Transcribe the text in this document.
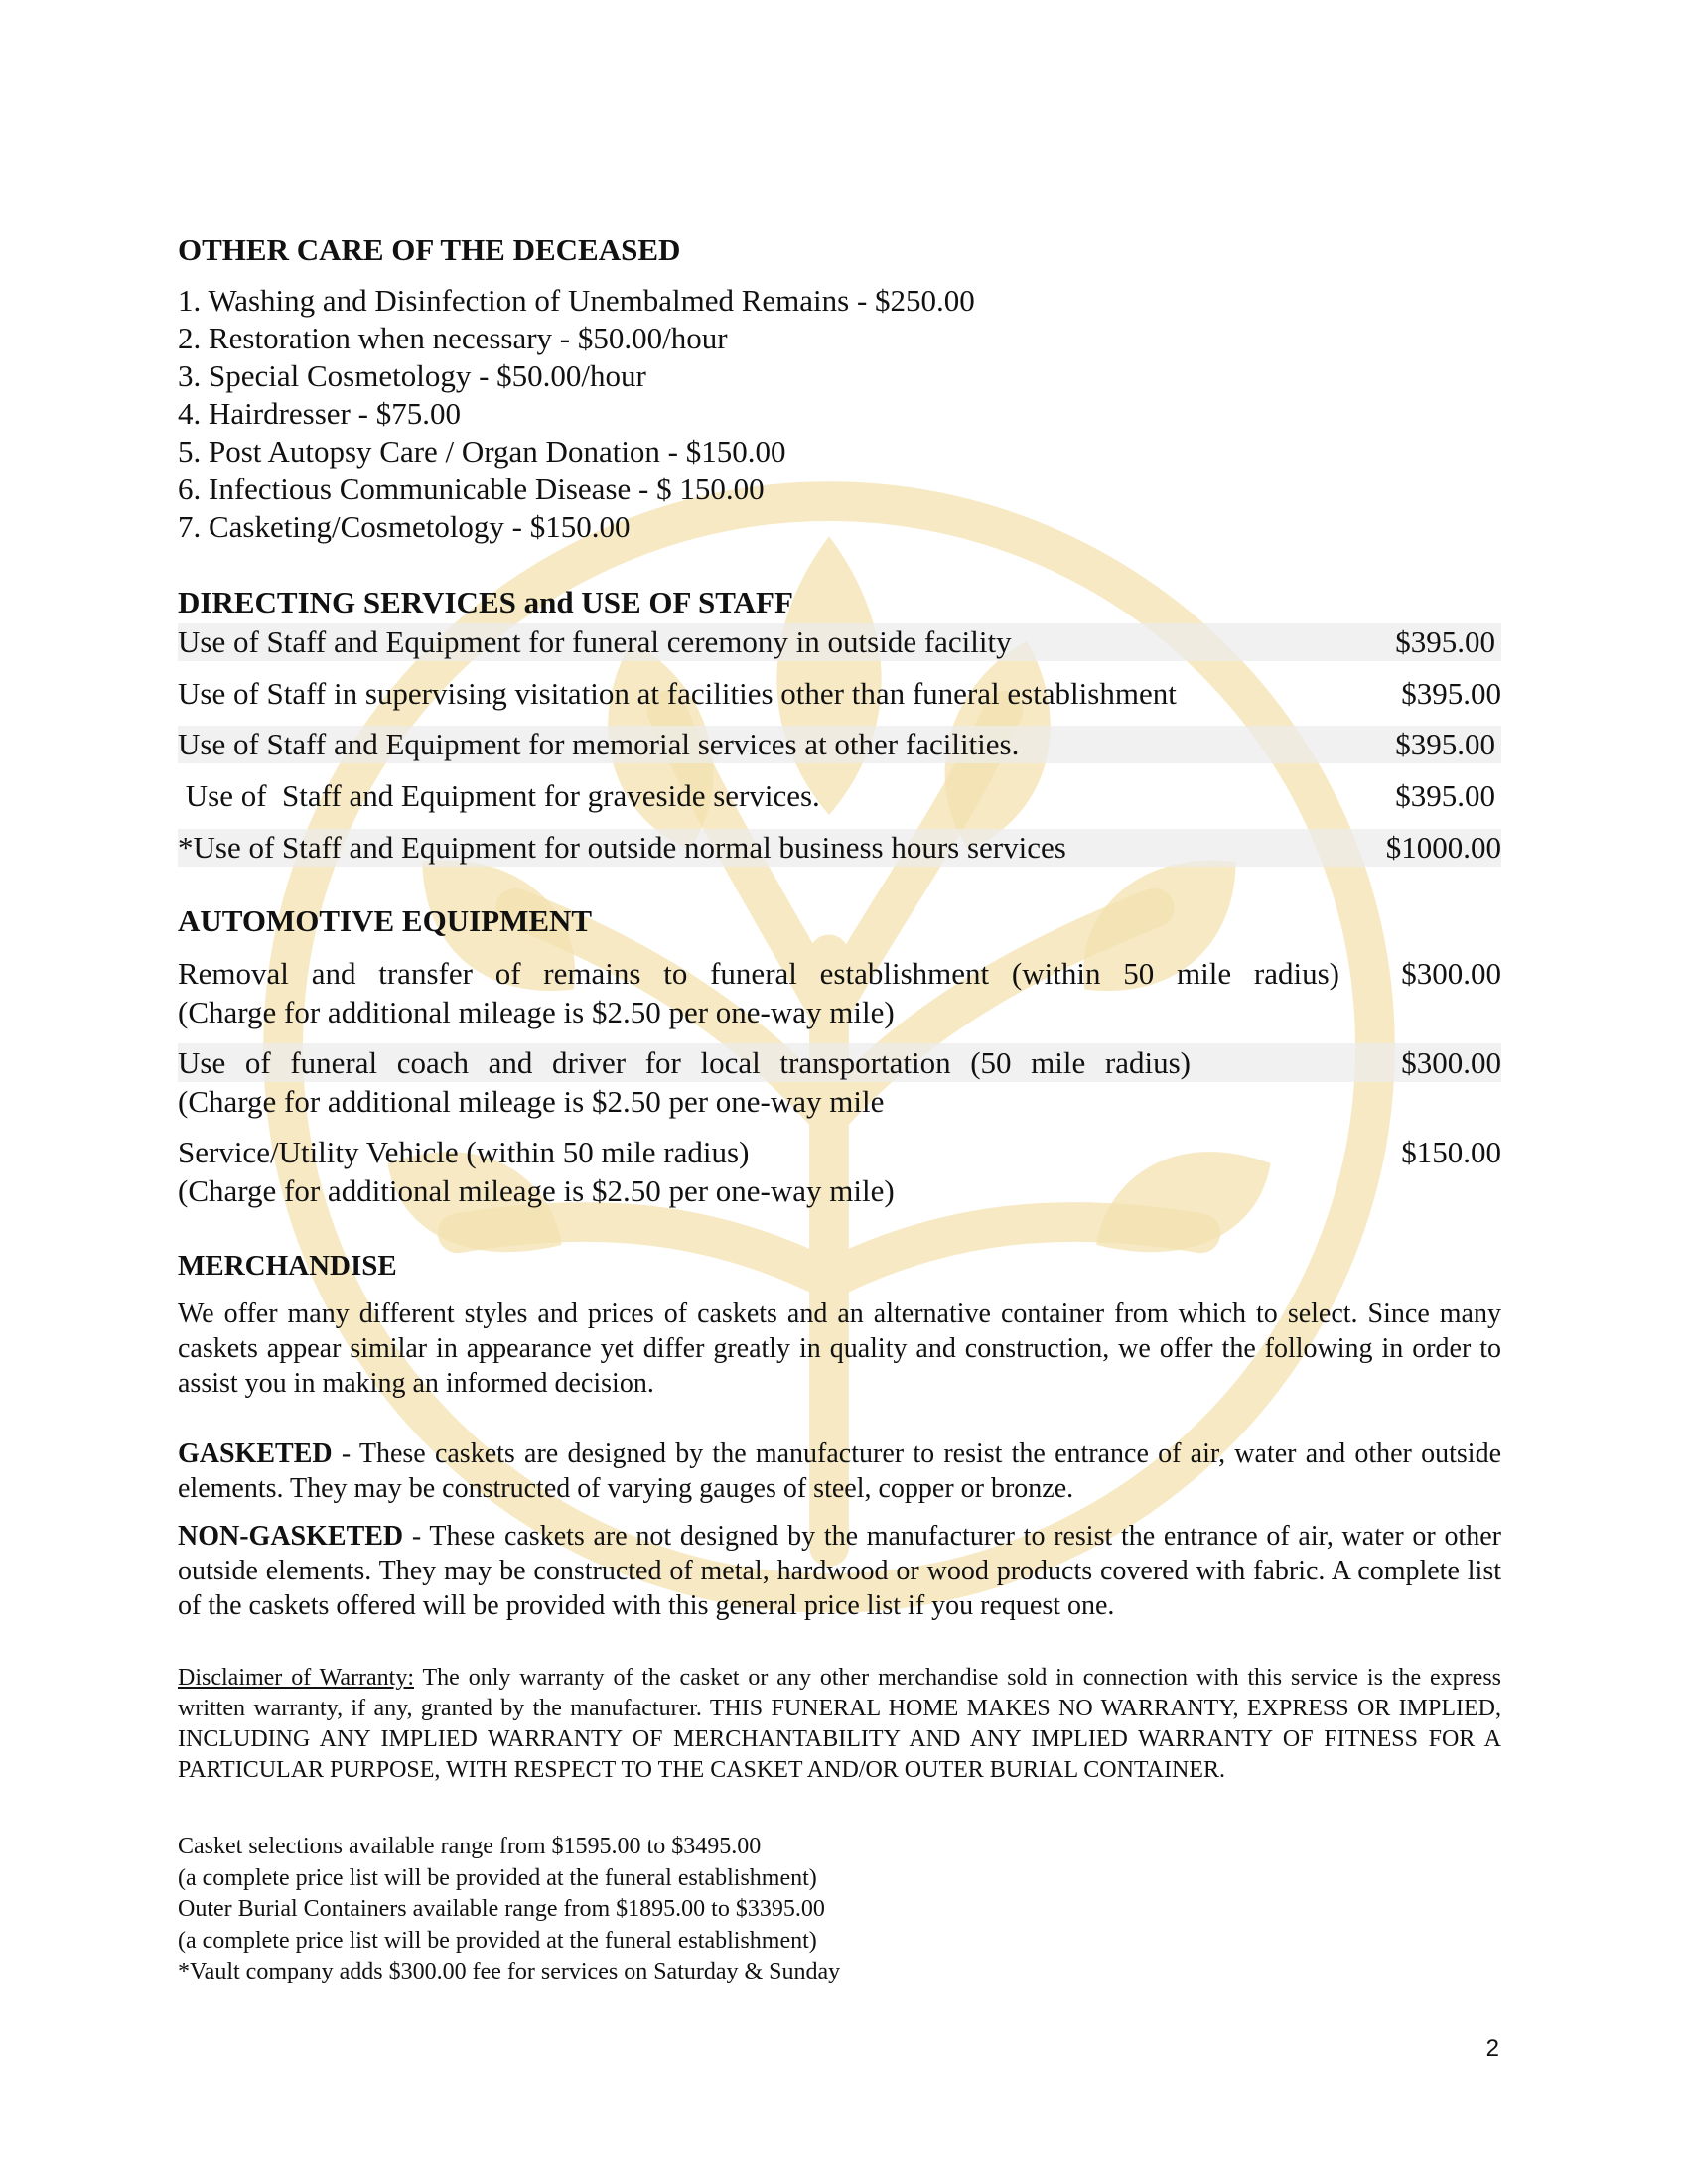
OTHER CARE OF THE DECEASED
1. Washing and Disinfection of Unembalmed Remains - $250.00
2. Restoration when necessary - $50.00/hour
3. Special Cosmetology - $50.00/hour
4. Hairdresser - $75.00
5. Post Autopsy Care / Organ Donation - $150.00
6. Infectious Communicable Disease - $ 150.00
7. Casketing/Cosmetology - $150.00
DIRECTING SERVICES and USE OF STAFF
Use of Staff and Equipment for funeral ceremony in outside facility	$395.00
Use of Staff in supervising visitation at facilities other than funeral establishment	$395.00
Use of Staff and Equipment for memorial services at other facilities.	$395.00
Use of  Staff and Equipment for graveside services.	$395.00
*Use of Staff and Equipment for outside normal business hours services	$1000.00
AUTOMOTIVE EQUIPMENT
Removal and transfer of remains to funeral establishment (within 50 mile radius) $300.00
(Charge for additional mileage is $2.50 per one-way mile)
Use of funeral coach and driver for local transportation (50 mile radius)	$300.00
(Charge for additional mileage is $2.50 per one-way mile
Service/Utility Vehicle (within 50 mile radius)	$150.00
(Charge for additional mileage is $2.50 per one-way mile)
MERCHANDISE
We offer many different styles and prices of caskets and an alternative container from which to select. Since many caskets appear similar in appearance yet differ greatly in quality and construction, we offer the following in order to assist you in making an informed decision.
GASKETED - These caskets are designed by the manufacturer to resist the entrance of air, water and other outside elements. They may be constructed of varying gauges of steel, copper or bronze.
NON-GASKETED - These caskets are not designed by the manufacturer to resist the entrance of air, water or other outside elements. They may be constructed of metal, hardwood or wood products covered with fabric. A complete list of the caskets offered will be provided with this general price list if you request one.
Disclaimer of Warranty: The only warranty of the casket or any other merchandise sold in connection with this service is the express written warranty, if any, granted by the manufacturer. THIS FUNERAL HOME MAKES NO WARRANTY, EXPRESS OR IMPLIED, INCLUDING ANY IMPLIED WARRANTY OF MERCHANTABILITY AND ANY IMPLIED WARRANTY OF FITNESS FOR A PARTICULAR PURPOSE, WITH RESPECT TO THE CASKET AND/OR OUTER BURIAL CONTAINER.
Casket selections available range from $1595.00 to $3495.00
(a complete price list will be provided at the funeral establishment)
Outer Burial Containers available range from $1895.00 to $3395.00
(a complete price list will be provided at the funeral establishment)
*Vault company adds $300.00 fee for services on Saturday & Sunday
2
